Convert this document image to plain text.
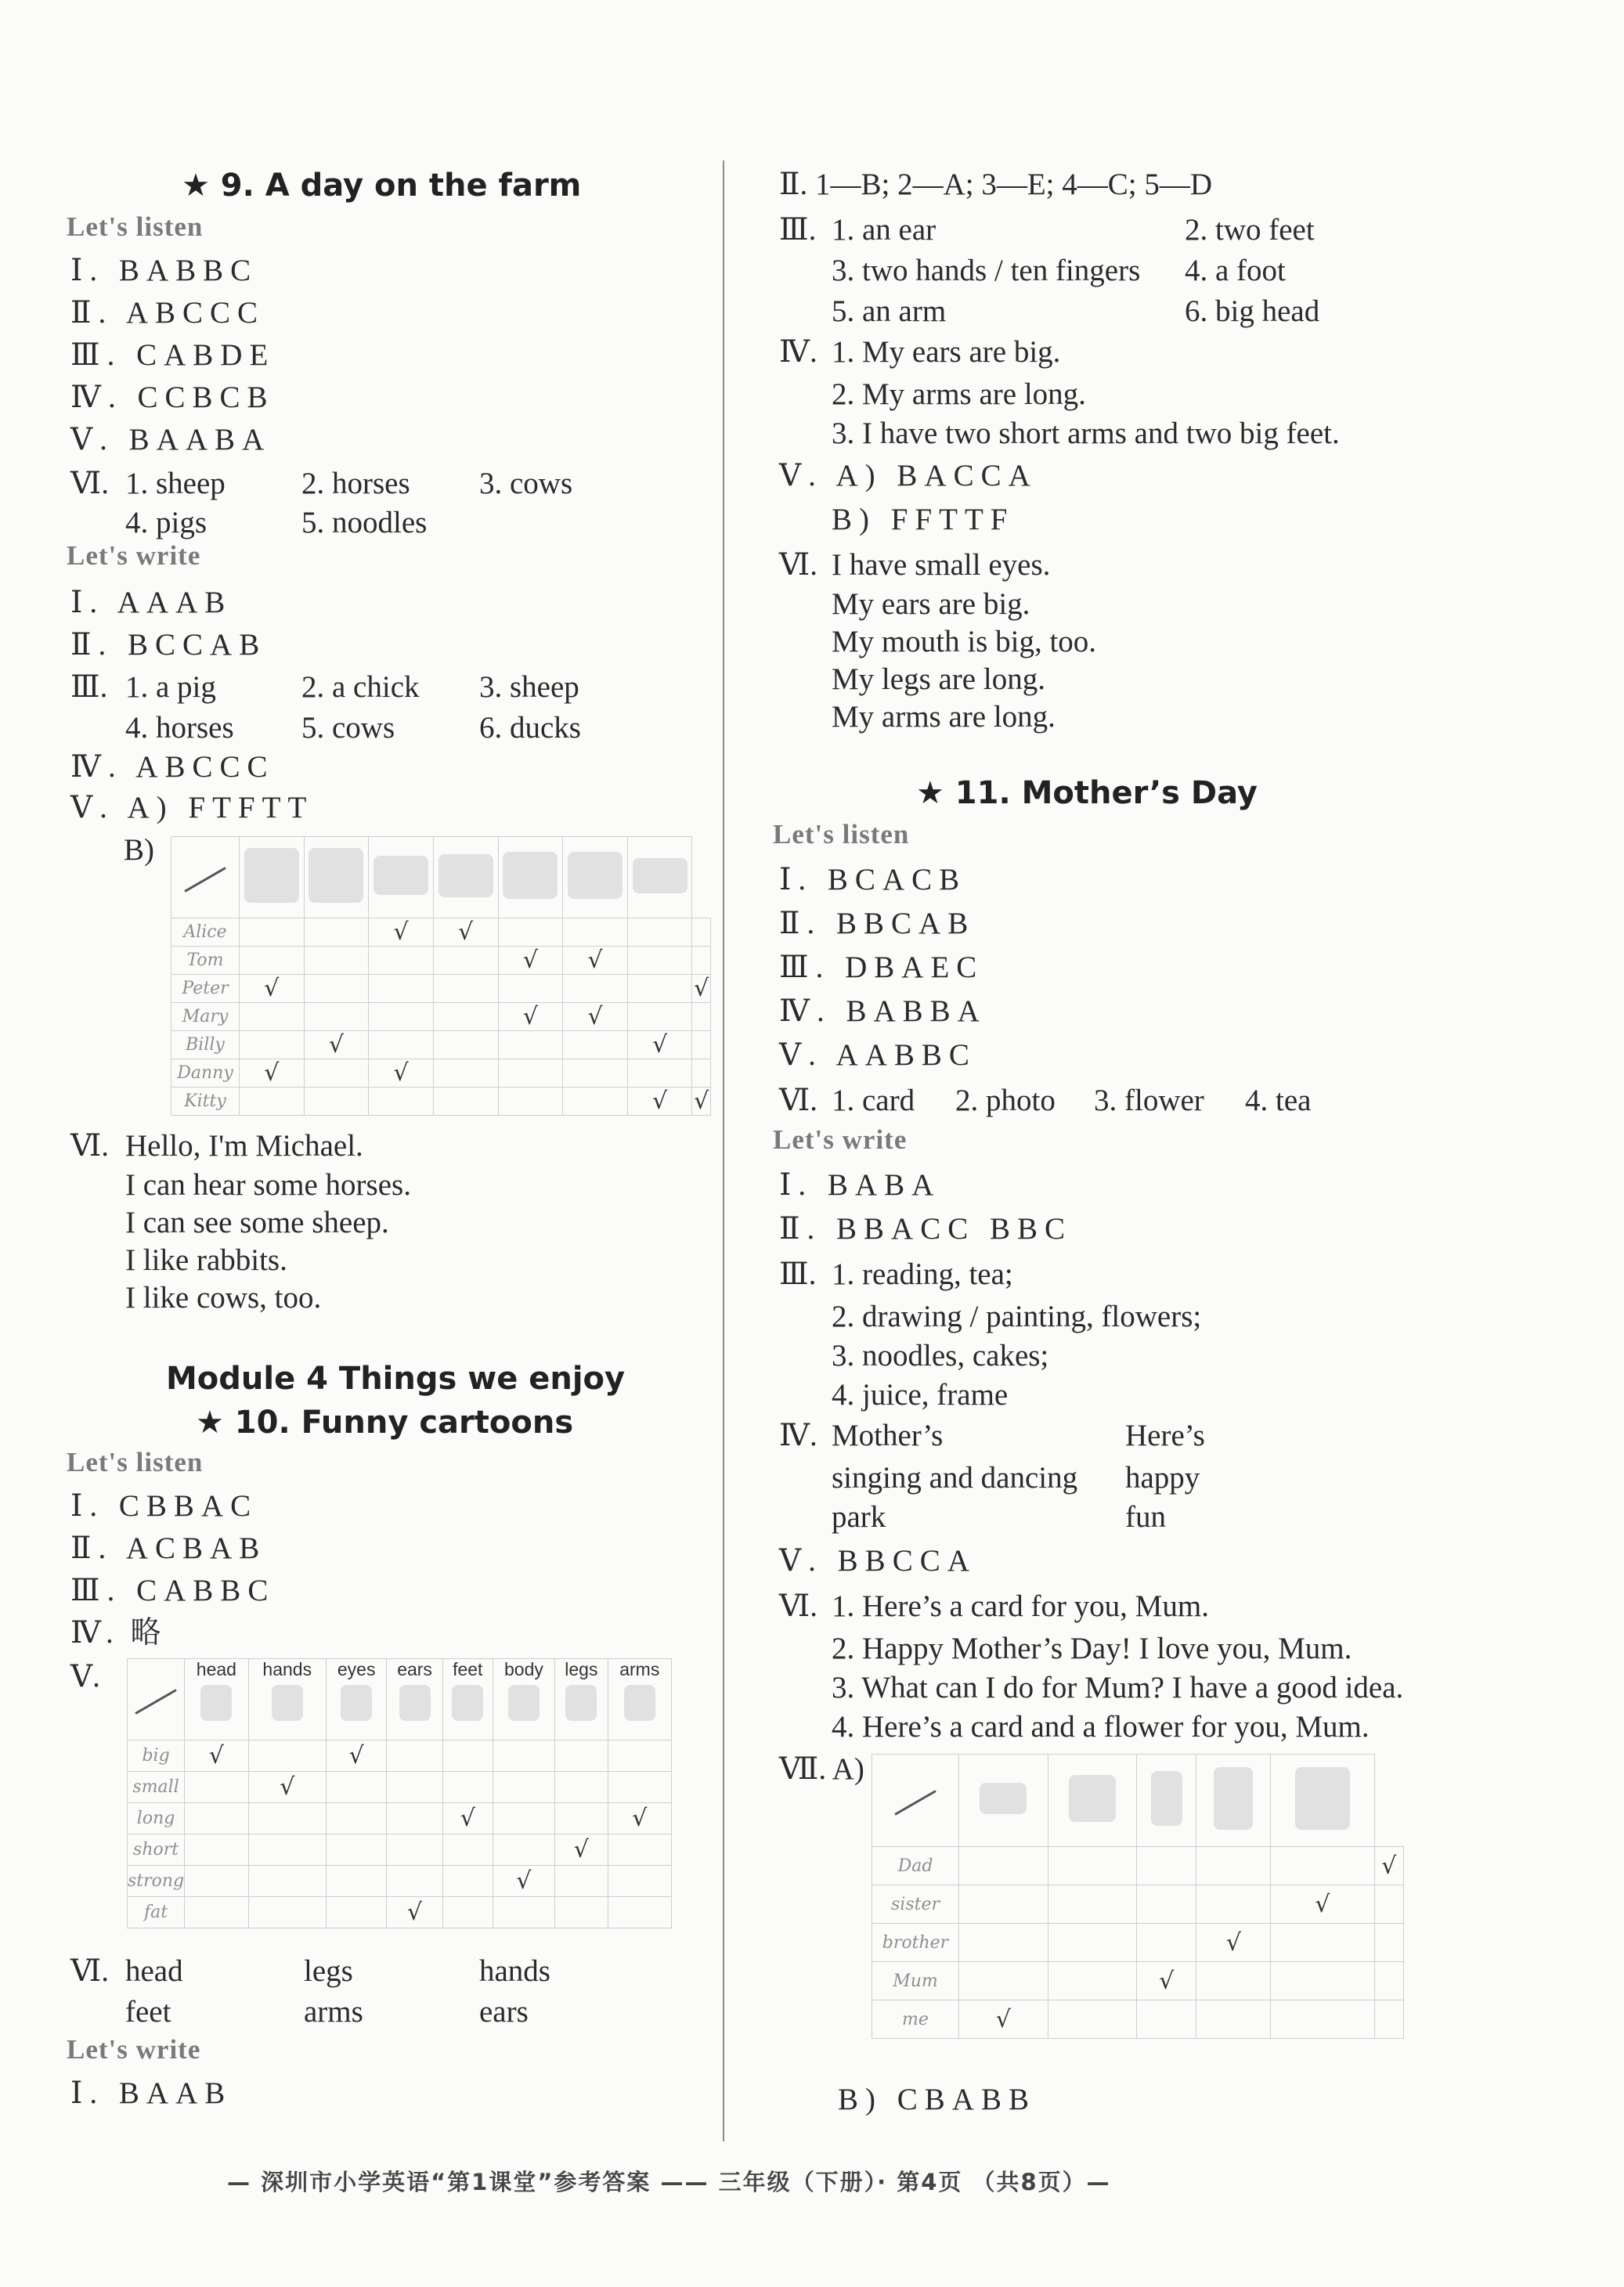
★ 9. A day on the farm
Let's listen
Ⅰ. BABBC
Ⅱ. ABCCC
Ⅲ. CABDE
Ⅳ. CCBCB
Ⅴ. BAABA
Ⅵ. 1. sheep 2. horses 3. cows
4. pigs	5. noodles
Let's write
Ⅰ. AAAB
Ⅱ. BCCAB
Ⅲ. 1. a pig	2. a chick 3. sheep
4. horses 5. cows	6. ducks
Ⅳ. ABCCC
Ⅴ. A) FTFTT
B)

Alice			√	√				
Tom					√	√		
Peter	√							√
Mary					√	√		
Billy		√					√	
Danny	√		√					
Kitty							√	√
Ⅵ. Hello, I'm Michael.
I can hear some horses.
I can see some sheep.
I like rabbits.
I like cows, too.
Module 4 Things we enjoy
★ 10. Funny cartoons
Let's listen
Ⅰ. CBBAC
Ⅱ. ACBAB
Ⅲ. CABBC
Ⅳ. 略
Ⅴ.

	head	hands	eyes	ears	feet	body	legs	arms

big	√		√					
small		√						
long					√			√
short							√	
strong						√		
fat				√				
Ⅵ. head	legs	hands
feet	arms	ears
Let's write
Ⅰ. BAAB
Ⅱ. 1—B; 2—A; 3—E; 4—C; 5—D
Ⅲ. 1. an ear	2. two feet
3. two hands / ten fingers 4. a foot
5. an arm	6. big head
Ⅳ. 1. My ears are big.
2. My arms are long.
3. I have two short arms and two big feet.
Ⅴ. A) BACCA
B) FFTTF
Ⅵ. I have small eyes.
My ears are big.
My mouth is big, too.
My legs are long.
My arms are long.
★ 11. Mother’s Day
Let's listen
Ⅰ. BCACB
Ⅱ. BBCAB
Ⅲ. DBAEC
Ⅳ. BABBA
Ⅴ. AABBC
Ⅵ. 1. card 2. photo 3. flower 4. tea
Let's write
Ⅰ. BABA
Ⅱ. BBACC BBC
Ⅲ. 1. reading, tea;
2. drawing / painting, flowers;
3. noodles, cakes;
4. juice, frame
Ⅳ. Mother’s	Here’s
singing and dancing happy
park	fun
Ⅴ. BBCCA
Ⅵ. 1. Here’s a card for you, Mum.
2. Happy Mother’s Day! I love you, Mum.
3. What can I do for Mum? I have a good idea.
4. Here’s a card and a flower for you, Mum.
Ⅶ. A)

Dad						√
sister					√	
brother				√		
Mum			√			
me	√					
B) CBABB
— 深圳市小学英语“第1课堂”参考答案 —— 三年级（下册）· 第4页 （共8页）—
